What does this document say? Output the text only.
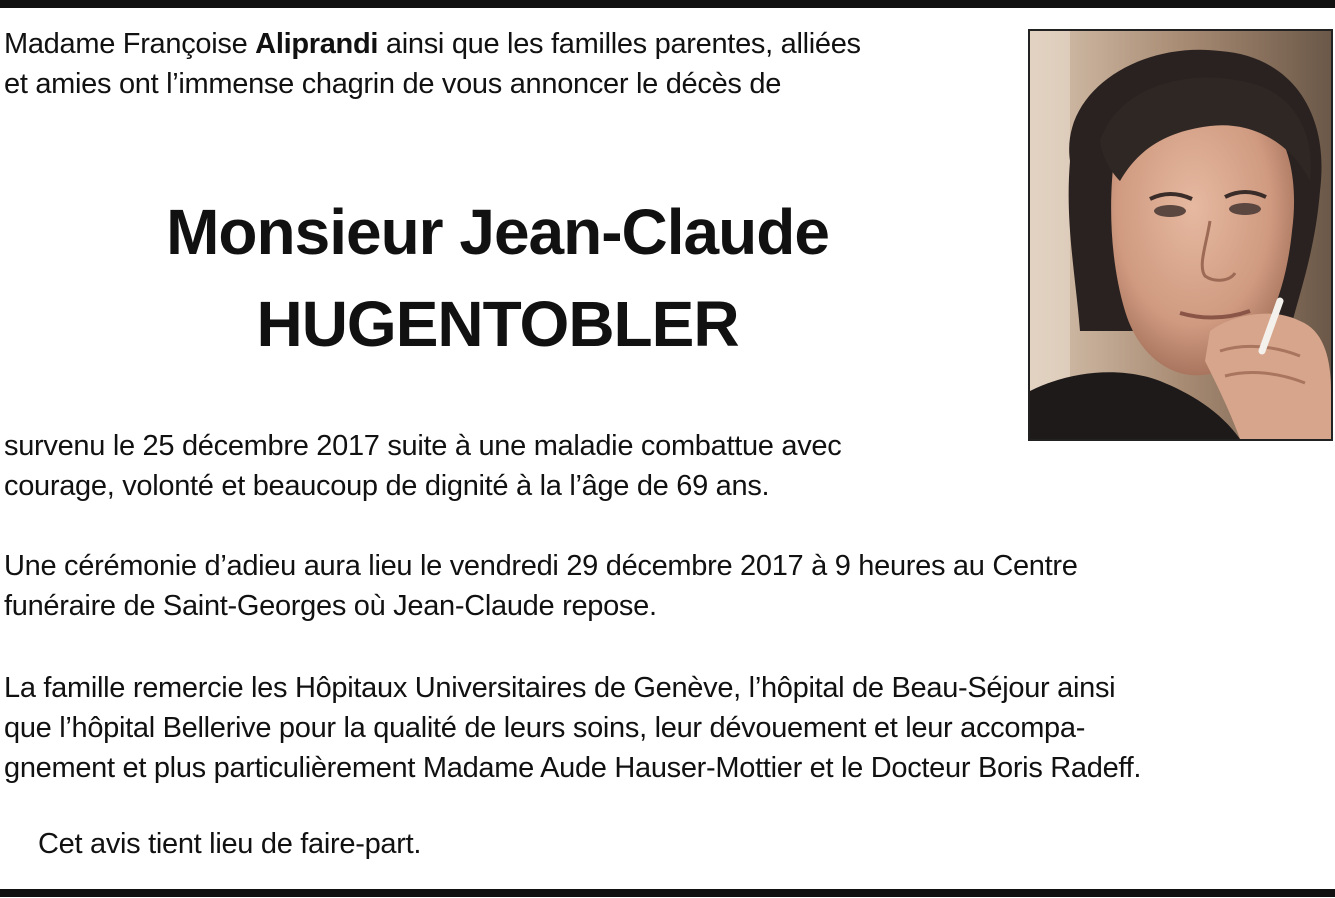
Madame Françoise Aliprandi ainsi que les familles parentes, alliées
et amies ont l’immense chagrin de vous annoncer le décès de

Monsieur Jean-Claude
HUGENTOBLER

survenu le 25 décembre 2017 suite à une maladie combattue avec
courage, volonté et beaucoup de dignité à la l’âge de 69 ans.

Une cérémonie d’adieu aura lieu le vendredi 29 décembre 2017 à 9 heures au Centre
funéraire de Saint-Georges où Jean-Claude repose.

La famille remercie les Hôpitaux Universitaires de Genève, l’hôpital de Beau-Séjour ainsi
que l’hôpital Bellerive pour la qualité de leurs soins, leur dévouement et leur accompa-
gnement et plus particulièrement Madame Aude Hauser-Mottier et le Docteur Boris Radeff.

Cet avis tient lieu de faire-part.
